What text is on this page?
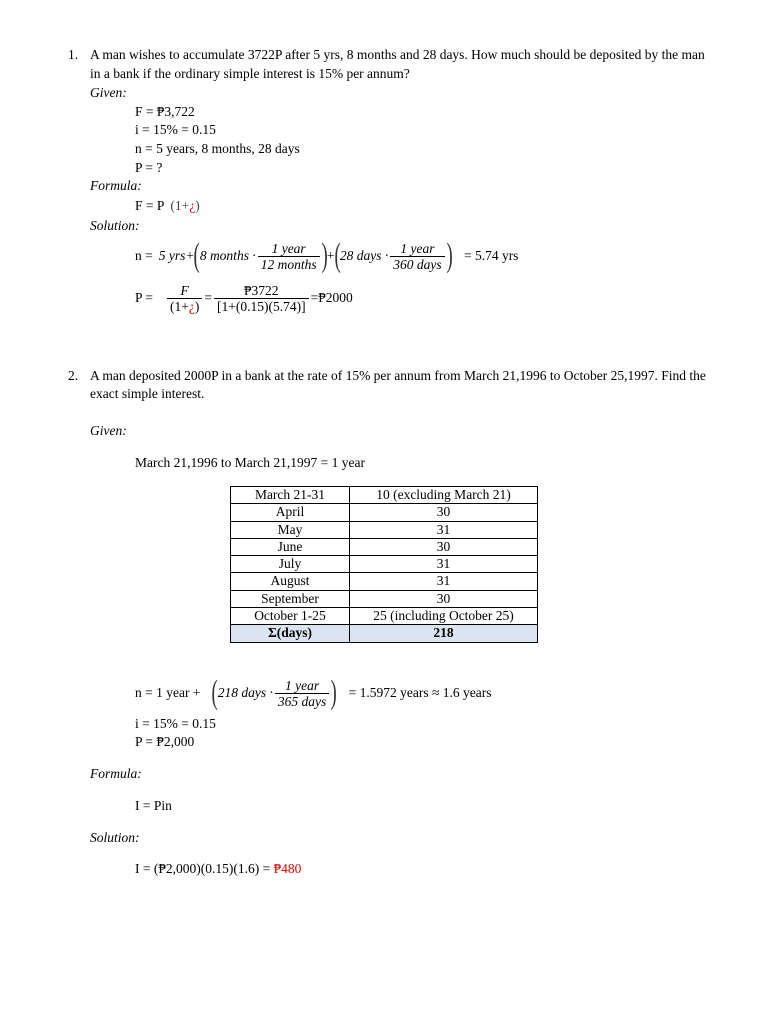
1. A man wishes to accumulate 3722P after 5 yrs, 8 months and 28 days. How much should be deposited by the man
in a bank if the ordinary simple interest is 15% per annum?
Given:
F = ₱3,722
i = 15% = 0.15
n = 5 years, 8 months, 28 days
P = ?
Formula:
F = P (1+¿)
Solution:
n = 5 yrs+ ( 8 months · $\frac{\text{1 year}}{\text{12 months}}$ ) + ( 28 days · $\frac{\text{1 year}}{\text{360 days}}$ ) = 5.74 yrs
$P = \frac{F}{(1+¿)} = \frac{₱3722}{[1+(0.15)(5.74)]}$ =₱2000
2. A man deposited 2000P in a bank at the rate of 15% per annum from March 21,1996 to October 25,1997. Find the
exact simple interest.
Given:
March 21,1996 to March 21,1997 = 1 year
March 21-31	10 (excluding March 21)
April	30
May	31
June	30
July	31
August	31
September	30
October 1-25	25 (including October 25)
Σ(days)	218
n = 1 year + ( 218 days · $\frac{\text{1 year}}{\text{365 days}}$ ) = 1.5972 years ≈ 1.6 years
i = 15% = 0.15
P = ₱2,000
Formula:
I = Pin
Solution:
I = (₱2,000)(0.15)(1.6) = ₱480
